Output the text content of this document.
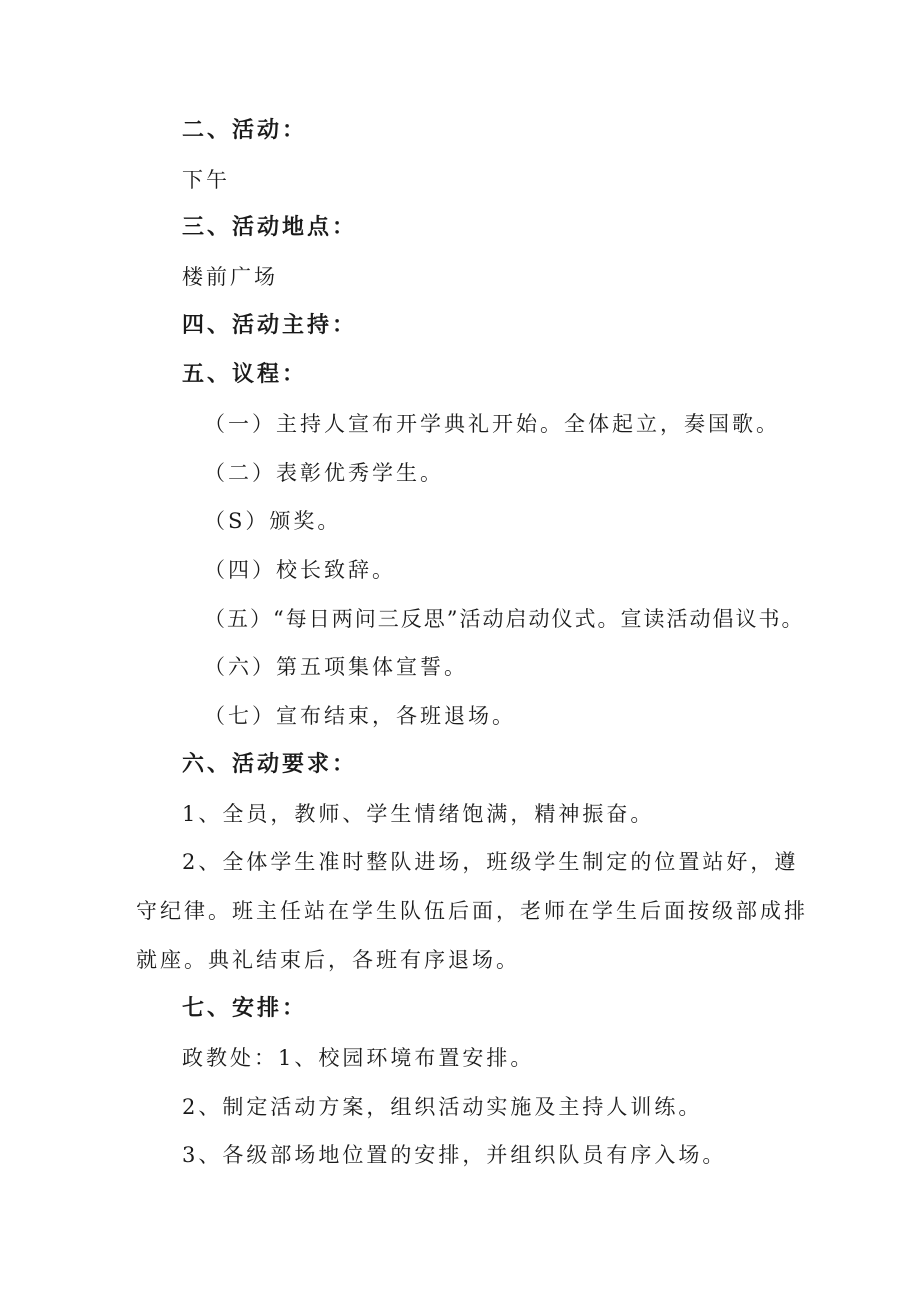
二、活动：
下午
三、活动地点：
楼前广场
四、活动主持：
五、议程：
（一）主持人宣布开学典礼开始。全体起立，奏国歌。
（二）表彰优秀学生。
（S）颁奖。
（四）校长致辞。
（五）“每日两问三反思”活动启动仪式。宣读活动倡议书。
（六）第五项集体宣誓。
（七）宣布结束，各班退场。
六、活动要求：
1、全员，教师、学生情绪饱满，精神振奋。
2、全体学生准时整队进场，班级学生制定的位置站好，遵
守纪律。班主任站在学生队伍后面，老师在学生后面按级部成排
就座。典礼结束后，各班有序退场。
七、安排：
政教处：1、校园环境布置安排。
2、制定活动方案，组织活动实施及主持人训练。
3、各级部场地位置的安排，并组织队员有序入场。
